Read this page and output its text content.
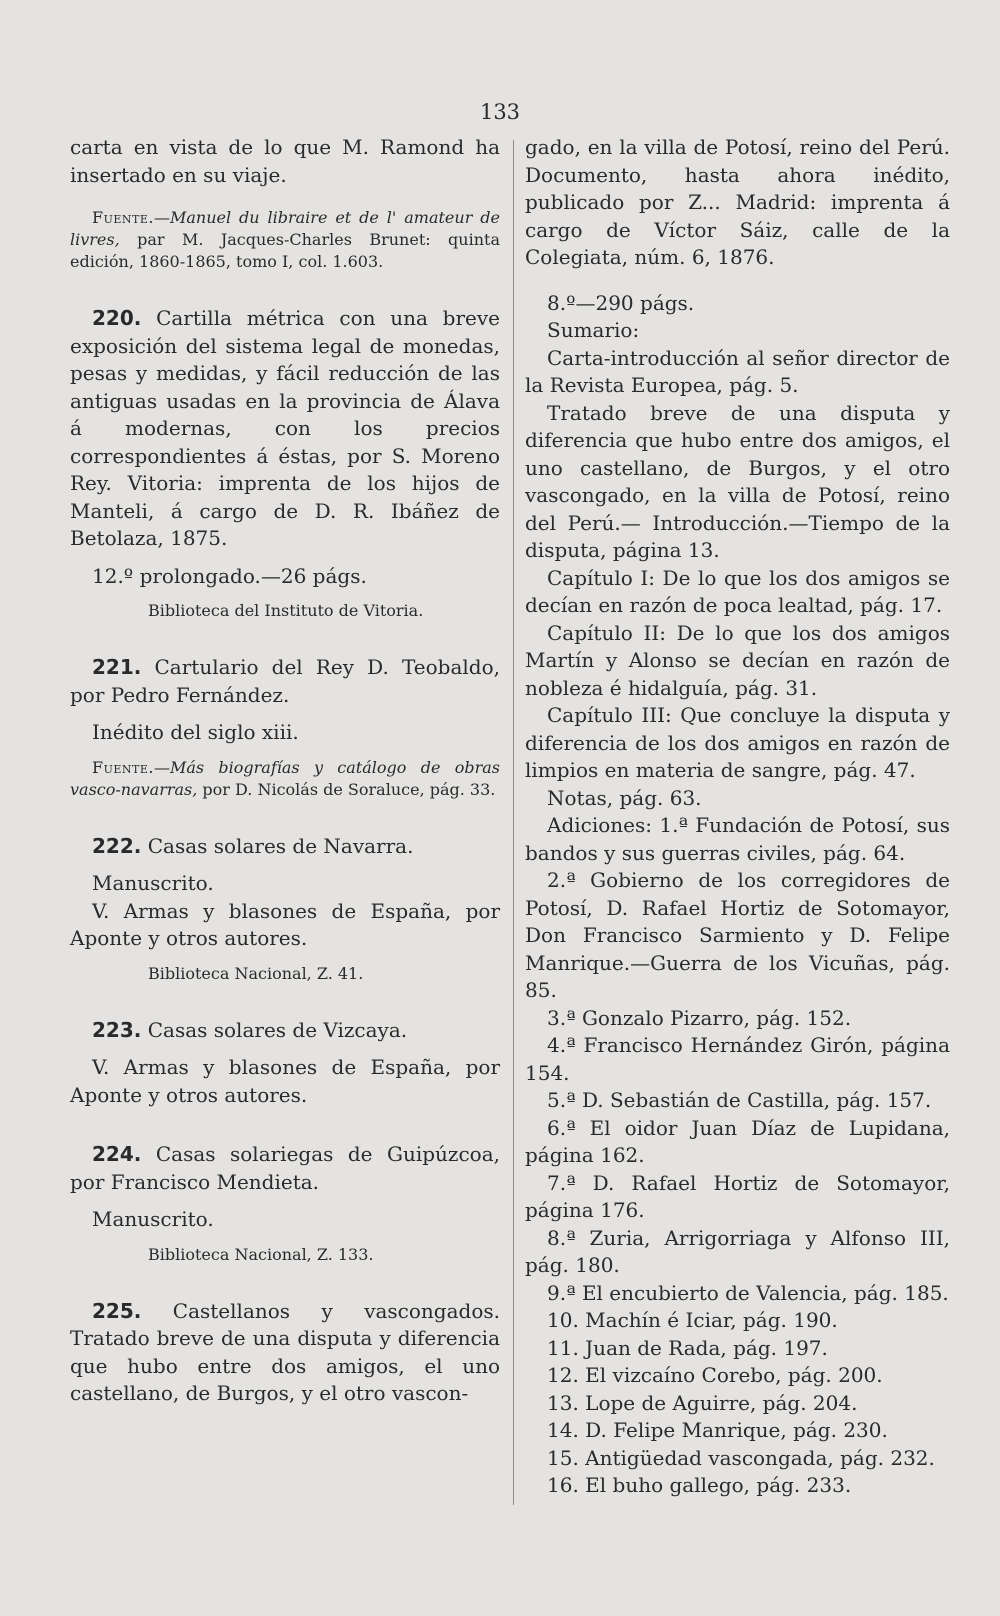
133

carta en vista de lo que M. Ramond ha insertado en su viaje.

Fuente.—Manuel du libraire et de l' amateur de livres, par M. Jacques-Charles Brunet: quinta edición, 1860-1865, tomo I, col. 1.603.

220. Cartilla métrica con una breve exposición del sistema legal de monedas, pesas y medidas, y fácil reducción de las antiguas usadas en la provincia de Álava á modernas, con los precios correspondientes á éstas, por S. Moreno Rey. Vitoria: imprenta de los hijos de Manteli, á cargo de D. R. Ibáñez de Betolaza, 1875.

12.º prolongado.—26 págs.

Biblioteca del Instituto de Vitoria.

221. Cartulario del Rey D. Teobaldo, por Pedro Fernández.

Inédito del siglo xiii.

Fuente.—Más biografías y catálogo de obras vasco-navarras, por D. Nicolás de Soraluce, pág. 33.

222. Casas solares de Navarra.

Manuscrito.

V. Armas y blasones de España, por Aponte y otros autores.

Biblioteca Nacional, Z. 41.

223. Casas solares de Vizcaya.

V. Armas y blasones de España, por Aponte y otros autores.

224. Casas solariegas de Guipúzcoa, por Francisco Mendieta.

Manuscrito.

Biblioteca Nacional, Z. 133.

225. Castellanos y vascongados. Tratado breve de una disputa y diferencia que hubo entre dos amigos, el uno castellano, de Burgos, y el otro vascon-

gado, en la villa de Potosí, reino del Perú. Documento, hasta ahora inédito, publicado por Z... Madrid: imprenta á cargo de Víctor Sáiz, calle de la Colegiata, núm. 6, 1876.

8.º—290 págs.

Sumario:

Carta-introducción al señor director de la Revista Europea, pág. 5.

Tratado breve de una disputa y diferencia que hubo entre dos amigos, el uno castellano, de Burgos, y el otro vascongado, en la villa de Potosí, reino del Perú.— Introducción.—Tiempo de la disputa, página 13.

Capítulo I: De lo que los dos amigos se decían en razón de poca lealtad, pág. 17.

Capítulo II: De lo que los dos amigos Martín y Alonso se decían en razón de nobleza é hidalguía, pág. 31.

Capítulo III: Que concluye la disputa y diferencia de los dos amigos en razón de limpios en materia de sangre, pág. 47.

Notas, pág. 63.

Adiciones: 1.ª Fundación de Potosí, sus bandos y sus guerras civiles, pág. 64.

2.ª Gobierno de los corregidores de Potosí, D. Rafael Hortiz de Sotomayor, Don Francisco Sarmiento y D. Felipe Manrique.—Guerra de los Vicuñas, pág. 85.

3.ª Gonzalo Pizarro, pág. 152.

4.ª Francisco Hernández Girón, página 154.

5.ª D. Sebastián de Castilla, pág. 157.

6.ª El oidor Juan Díaz de Lupidana, página 162.

7.ª D. Rafael Hortiz de Sotomayor, página 176.

8.ª Zuria, Arrigorriaga y Alfonso III, pág. 180.

9.ª El encubierto de Valencia, pág. 185.

10. Machín é Iciar, pág. 190.

11. Juan de Rada, pág. 197.

12. El vizcaíno Corebo, pág. 200.

13. Lope de Aguirre, pág. 204.

14. D. Felipe Manrique, pág. 230.

15. Antigüedad vascongada, pág. 232.

16. El buho gallego, pág. 233.
